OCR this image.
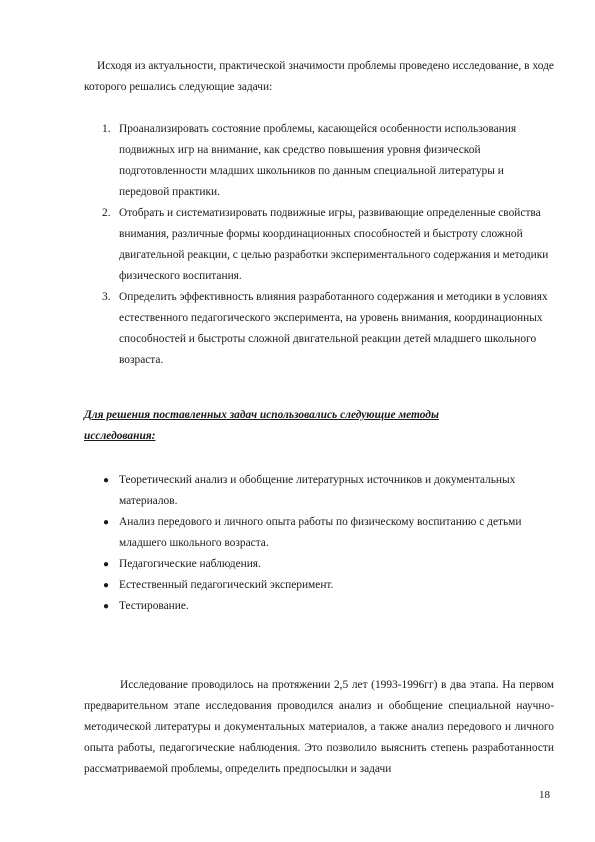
Исходя из актуальности, практической значимости проблемы проведено исследование, в ходе которого решались следующие задачи:

1. Проанализировать состояние проблемы, касающейся особенности использования подвижных игр на внимание, как средство повышения уровня физической подготовленности младших школьников по данным специальной литературы и передовой практики.
2. Отобрать и систематизировать подвижные игры, развивающие определенные свойства внимания, различные формы координационных способностей и быстроту сложной двигательной реакции, с целью разработки экспериментального содержания и методики физического воспитания.
3. Определить эффективность влияния разработанного содержания и методики в условиях естественного педагогического эксперимента, на уровень внимания, координационных способностей и быстроты сложной двигательной реакции детей младшего школьного возраста.

Для решения поставленных задач использовались следующие методы исследования:

● Теоретический анализ и обобщение литературных источников и документальных материалов.
● Анализ передового и личного опыта работы по физическому воспитанию с детьми младшего школьного возраста.
● Педагогические наблюдения.
● Естественный педагогический эксперимент.
● Тестирование.

Исследование проводилось на протяжении 2,5 лет (1993-1996гг) в два этапа. На первом предварительном этапе исследования проводился анализ и обобщение специальной научно-методической литературы и документальных материалов, а также анализ передового и личного опыта работы, педагогические наблюдения. Это позволило выяснить степень разработанности рассматриваемой проблемы, определить предпосылки и задачи

18
